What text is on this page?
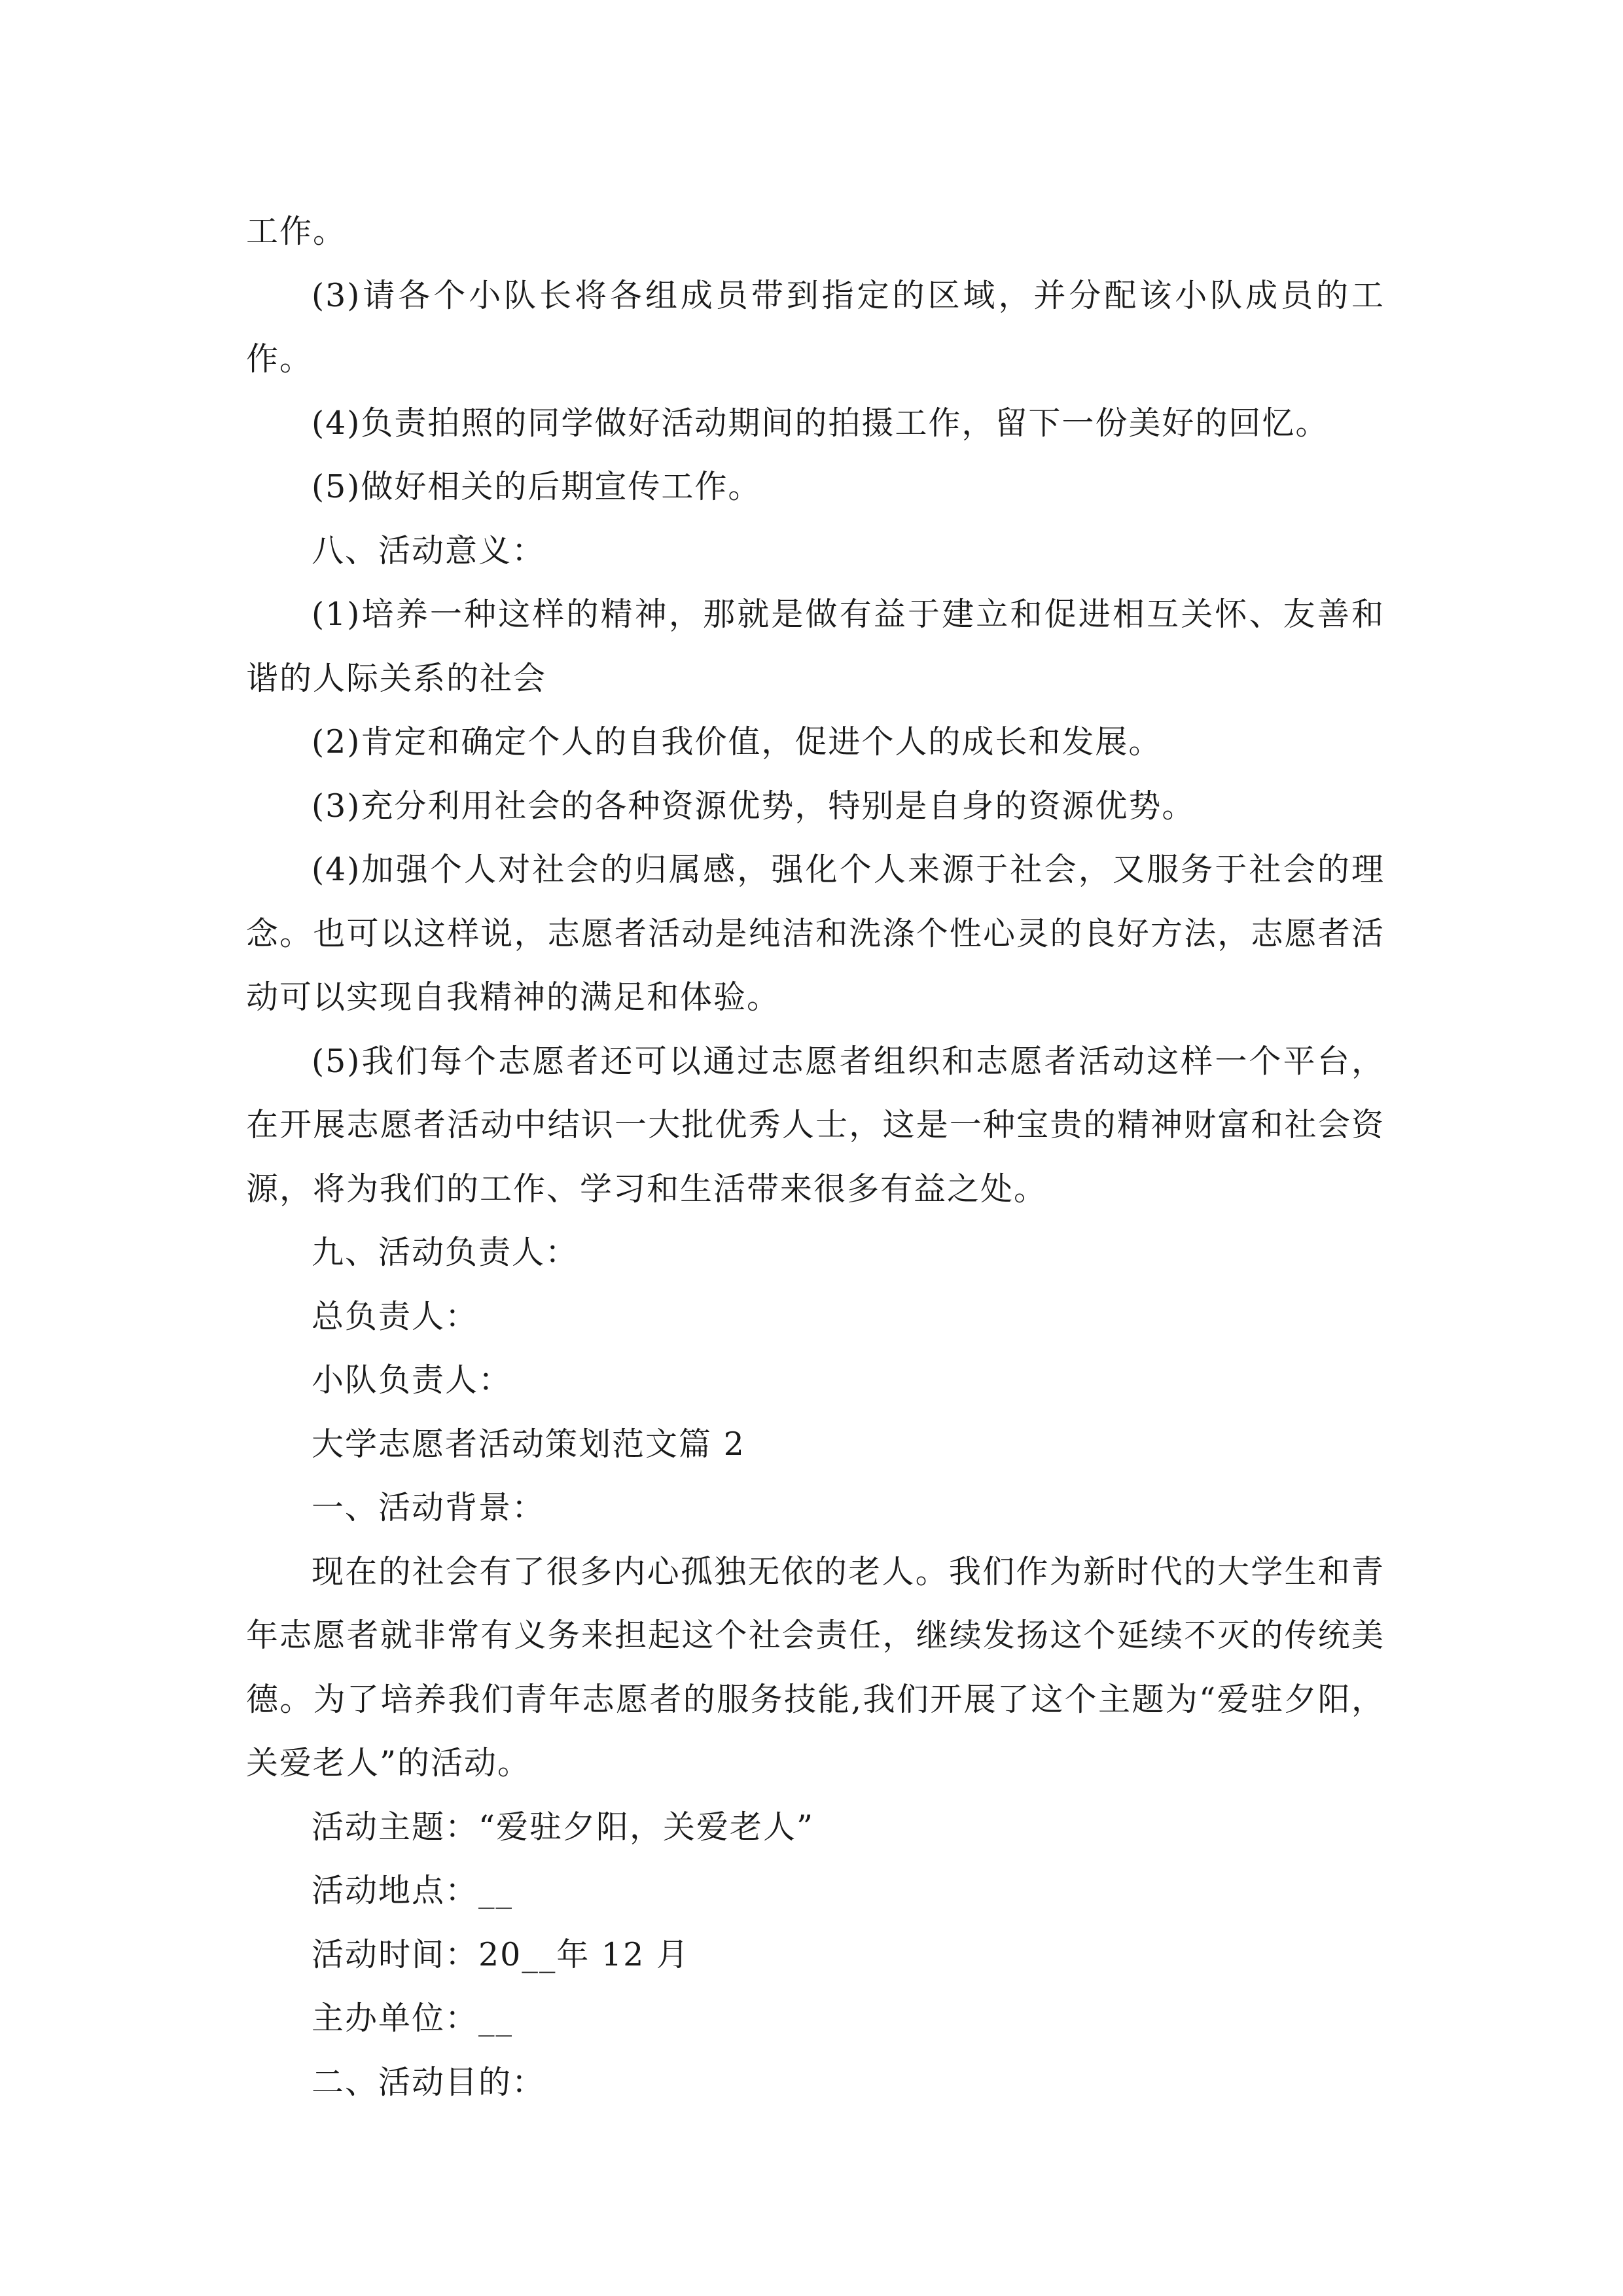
工作。

(3)请各个小队长将各组成员带到指定的区域，并分配该小队成员的工作。

(4)负责拍照的同学做好活动期间的拍摄工作，留下一份美好的回忆。

(5)做好相关的后期宣传工作。

八、活动意义：

(1)培养一种这样的精神，那就是做有益于建立和促进相互关怀、友善和谐的人际关系的社会

(2)肯定和确定个人的自我价值，促进个人的成长和发展。

(3)充分利用社会的各种资源优势，特别是自身的资源优势。

(4)加强个人对社会的归属感，强化个人来源于社会，又服务于社会的理念。也可以这样说，志愿者活动是纯洁和洗涤个性心灵的良好方法，志愿者活动可以实现自我精神的满足和体验。

(5)我们每个志愿者还可以通过志愿者组织和志愿者活动这样一个平台，在开展志愿者活动中结识一大批优秀人士，这是一种宝贵的精神财富和社会资源，将为我们的工作、学习和生活带来很多有益之处。

九、活动负责人：

总负责人：

小队负责人：

大学志愿者活动策划范文篇 2

一、活动背景：

现在的社会有了很多内心孤独无依的老人。我们作为新时代的大学生和青年志愿者就非常有义务来担起这个社会责任，继续发扬这个延续不灭的传统美德。为了培养我们青年志愿者的服务技能,我们开展了这个主题为“爱驻夕阳，关爱老人”的活动。

活动主题：“爱驻夕阳，关爱老人”

活动地点：__

活动时间：20__年 12 月

主办单位：__

二、活动目的：
